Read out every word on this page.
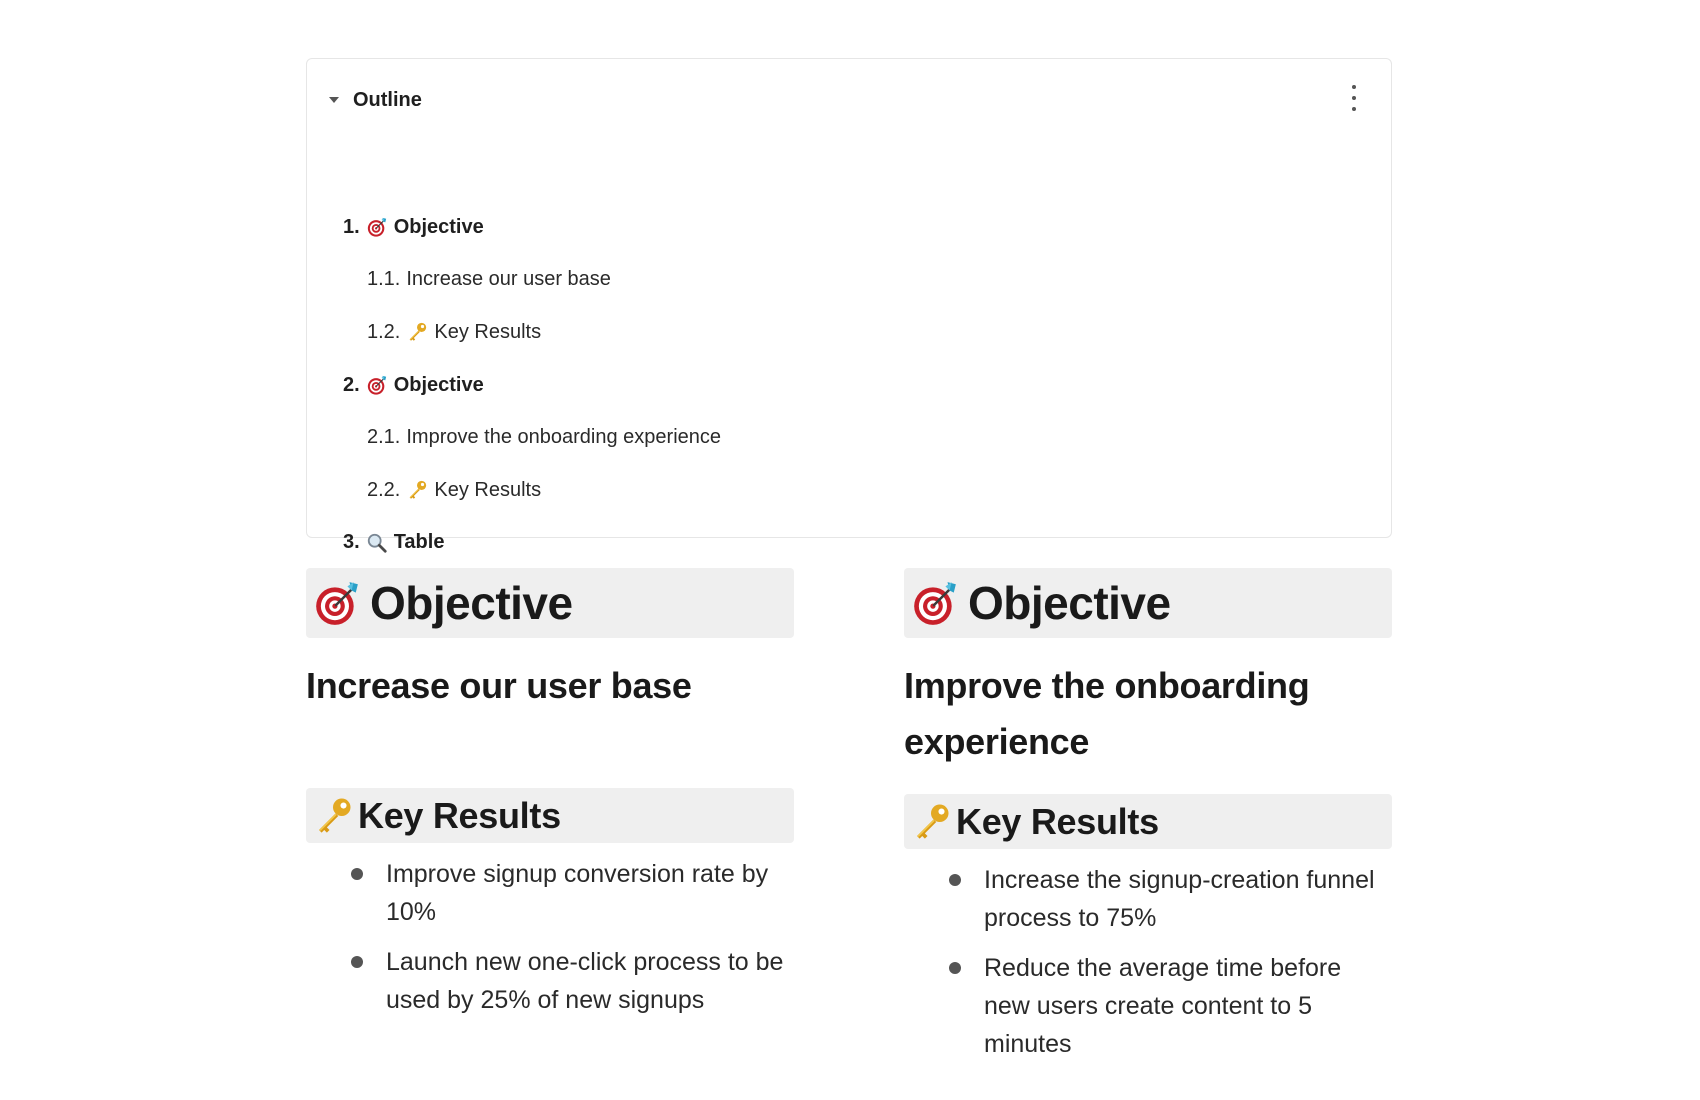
Outline
1. Objective
1.1. Increase our user base
1.2. Key Results
2. Objective
2.1. Improve the onboarding experience
2.2. Key Results
3. Table
Objective
Increase our user base
Key Results
Improve signup conversion rate by 10%
Launch new one-click process to be used by 25% of new signups
Objective
Improve the onboarding experience
Key Results
Increase the signup-creation funnel process to 75%
Reduce the average time before new users create content to 5 minutes
